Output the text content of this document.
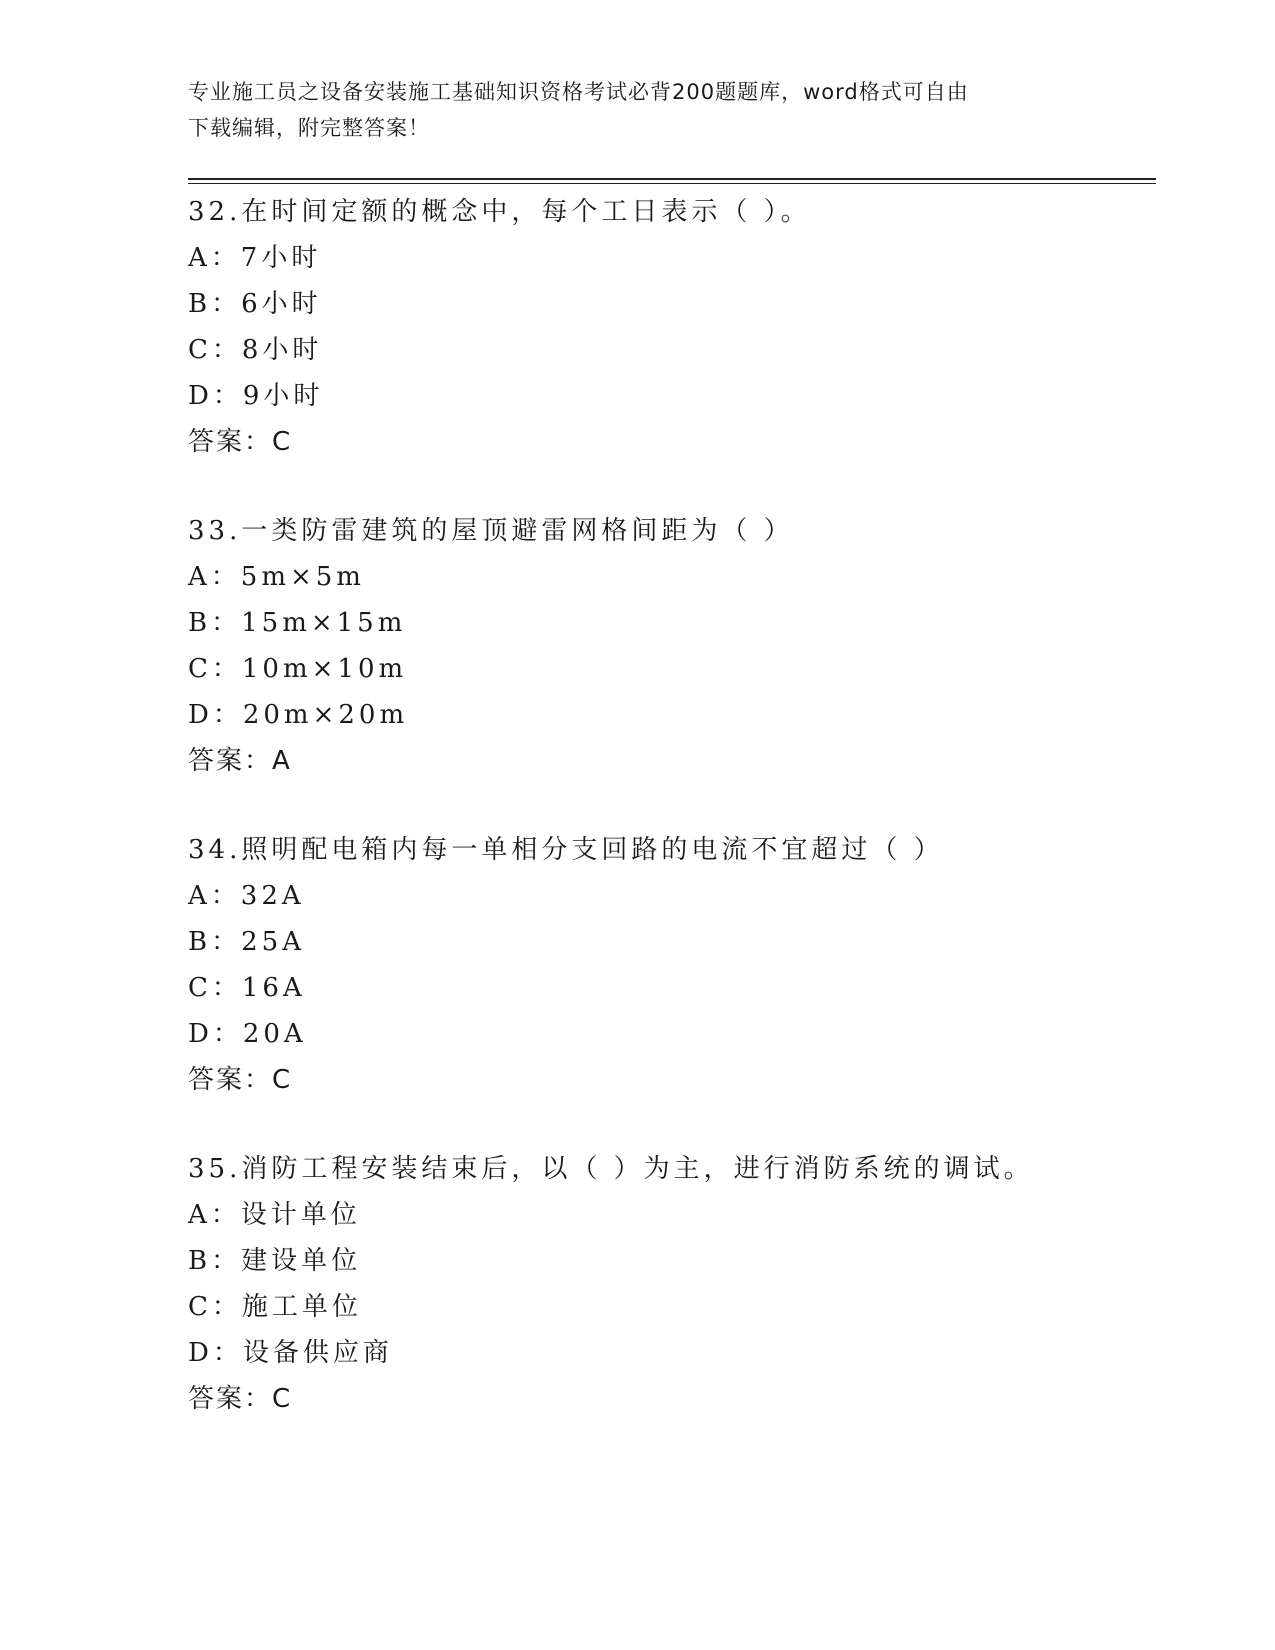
专业施工员之设备安装施工基础知识资格考试必背200题题库，word格式可自由
下载编辑，附完整答案！
32.在时间定额的概念中，每个工日表示（ ）。
A：7小时
B：6小时
C：8小时
D：9小时
答案：C
33.一类防雷建筑的屋顶避雷网格间距为（ ）
A：5m×5m
B：15m×15m
C：10m×10m
D：20m×20m
答案：A
34.照明配电箱内每一单相分支回路的电流不宜超过（ ）
A：32A
B：25A
C：16A
D：20A
答案：C
35.消防工程安装结束后，以（ ）为主，进行消防系统的调试。
A：设计单位
B：建设单位
C：施工单位
D：设备供应商
答案：C
